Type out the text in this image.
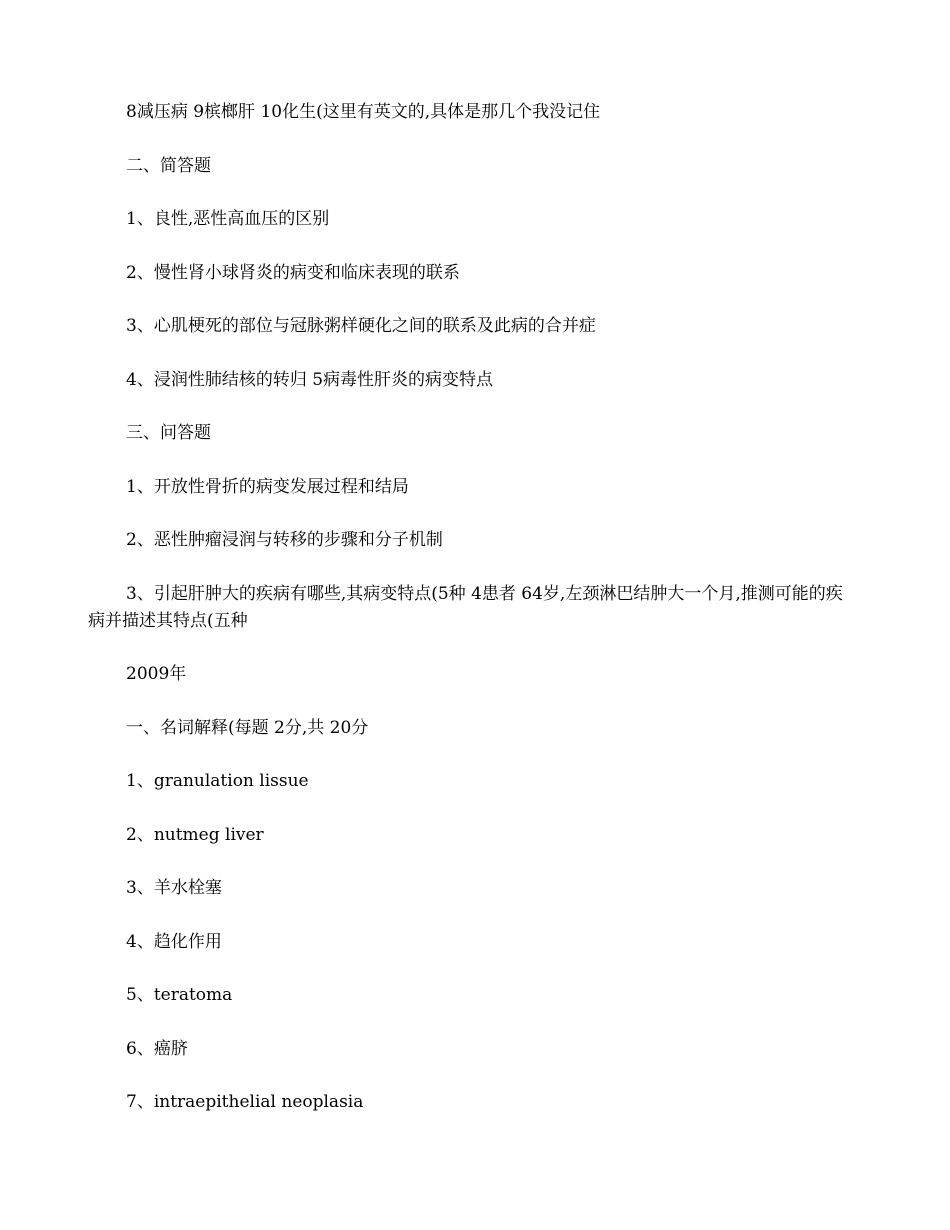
8减压病 9槟榔肝 10化生(这里有英文的,具体是那几个我没记住

二、简答题

1、良性,恶性高血压的区别

2、慢性肾小球肾炎的病变和临床表现的联系

3、心肌梗死的部位与冠脉粥样硬化之间的联系及此病的合并症

4、浸润性肺结核的转归 5病毒性肝炎的病变特点

三、问答题

1、开放性骨折的病变发展过程和结局

2、恶性肿瘤浸润与转移的步骤和分子机制

3、引起肝肿大的疾病有哪些,其病变特点(5种 4患者 64岁,左颈淋巴结肿大一个月,推测可能的疾病并描述其特点(五种

2009年

一、名词解释(每题 2分,共 20分

1、granulation lissue

2、nutmeg liver

3、羊水栓塞

4、趋化作用

5、teratoma

6、癌脐

7、intraepithelial neoplasia
